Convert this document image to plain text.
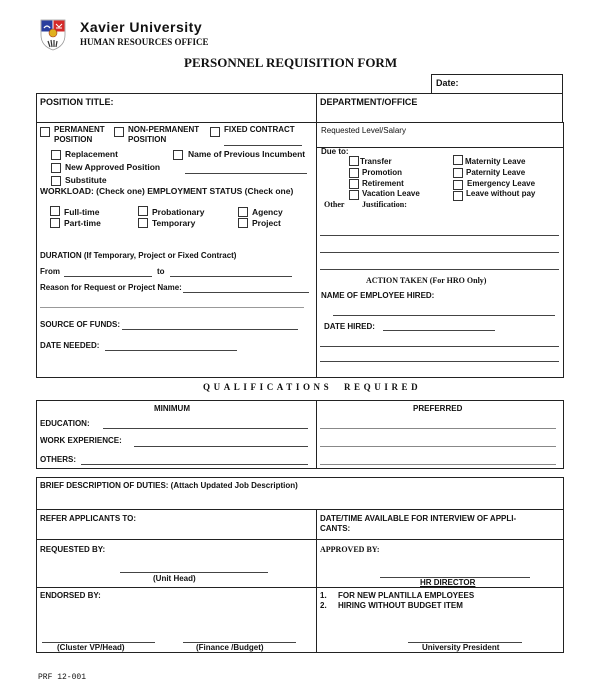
Xavier University
HUMAN RESOURCES OFFICE
PERSONNEL REQUISITION FORM
Date:
POSITION TITLE:	DEPARTMENT/OFFICE
PERMANENT
POSITION
NON-PERMANENT
POSITION
FIXED CONTRACT
Replacement	Name of Previous Incumbent
New Approved Position
Substitute
WORKLOAD: (Check one) EMPLOYMENT STATUS (Check one)
Full-time
Part-time
Probationary
Temporary
Agency
Project
DURATION (If Temporary, Project or Fixed Contract)
From	to
Reason for Request or Project Name:
SOURCE OF FUNDS:
DATE NEEDED:
Requested Level/Salary
Due to:
Transfer
Promotion
Retirement
Vacation Leave
Maternity Leave
Paternity Leave
Emergency Leave
Leave without pay
Other Justification:
ACTION TAKEN (For HRO Only)
NAME OF EMPLOYEE HIRED:
DATE HIRED:
QUALIFICATIONS  REQUIRED
MINIMUM	PREFERRED
EDUCATION:
WORK EXPERIENCE:
OTHERS:
BRIEF DESCRIPTION OF DUTIES: (Attach Updated Job Description)
REFER APPLICANTS TO:	DATE/TIME AVAILABLE FOR INTERVIEW OF APPLI-
CANTS:
REQUESTED BY:
(Unit Head)
APPROVED BY:
HR DIRECTOR
ENDORSED BY:
(Cluster VP/Head)	(Finance /Budget)
1. FOR NEW PLANTILLA EMPLOYEES
2. HIRING WITHOUT BUDGET ITEM
University President
PRF 12-001
